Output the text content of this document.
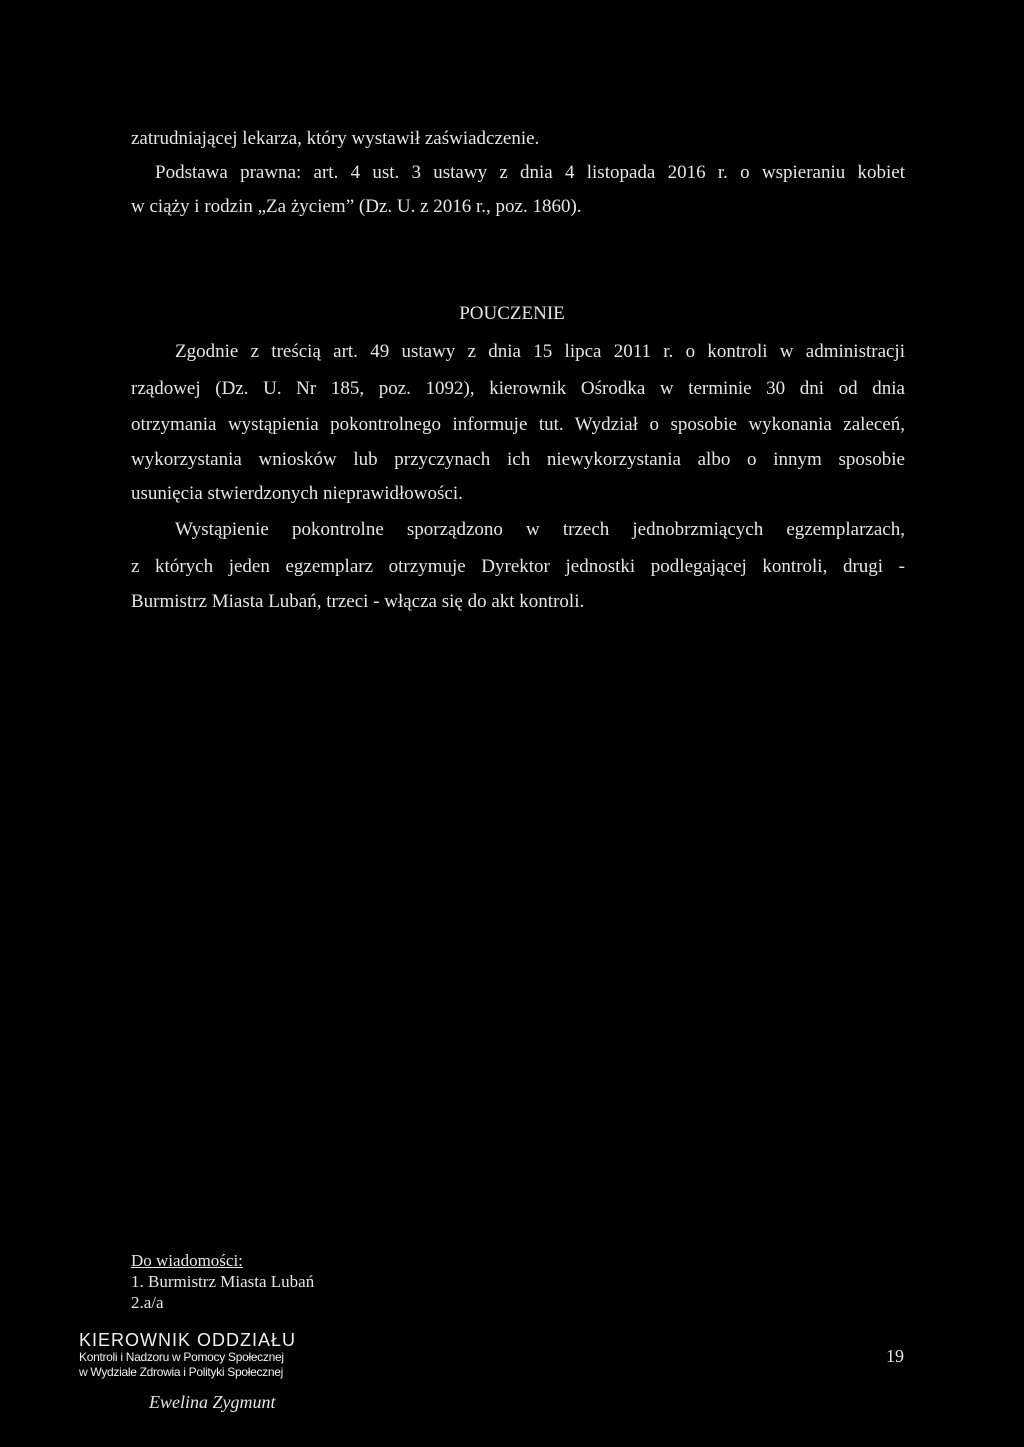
zatrudniającej lekarza, który wystawił zaświadczenie.
Podstawa prawna: art. 4 ust. 3 ustawy z dnia 4 listopada 2016 r. o wspieraniu kobiet
w ciąży i rodzin „Za życiem” (Dz. U. z 2016 r., poz. 1860).
POUCZENIE
Zgodnie z treścią art. 49 ustawy z dnia 15 lipca 2011 r. o kontroli w administracji
rządowej (Dz. U. Nr 185, poz. 1092), kierownik Ośrodka w terminie 30 dni od dnia
otrzymania wystąpienia pokontrolnego informuje tut. Wydział o sposobie wykonania zaleceń,
wykorzystania wniosków lub przyczynach ich niewykorzystania albo o innym sposobie
usunięcia stwierdzonych nieprawidłowości.
Wystąpienie pokontrolne sporządzono w trzech jednobrzmiących egzemplarzach,
z których jeden egzemplarz otrzymuje Dyrektor jednostki podlegającej kontroli, drugi -
Burmistrz Miasta Lubań, trzeci - włącza się do akt kontroli.
Do wiadomości:
1. Burmistrz Miasta Lubań
2.a/a
KIEROWNIK ODDZIAŁU
Kontroli i Nadzoru w Pomocy Społecznej
w Wydziale Zdrowia i Polityki Społecznej
19
Ewelina Zygmunt
